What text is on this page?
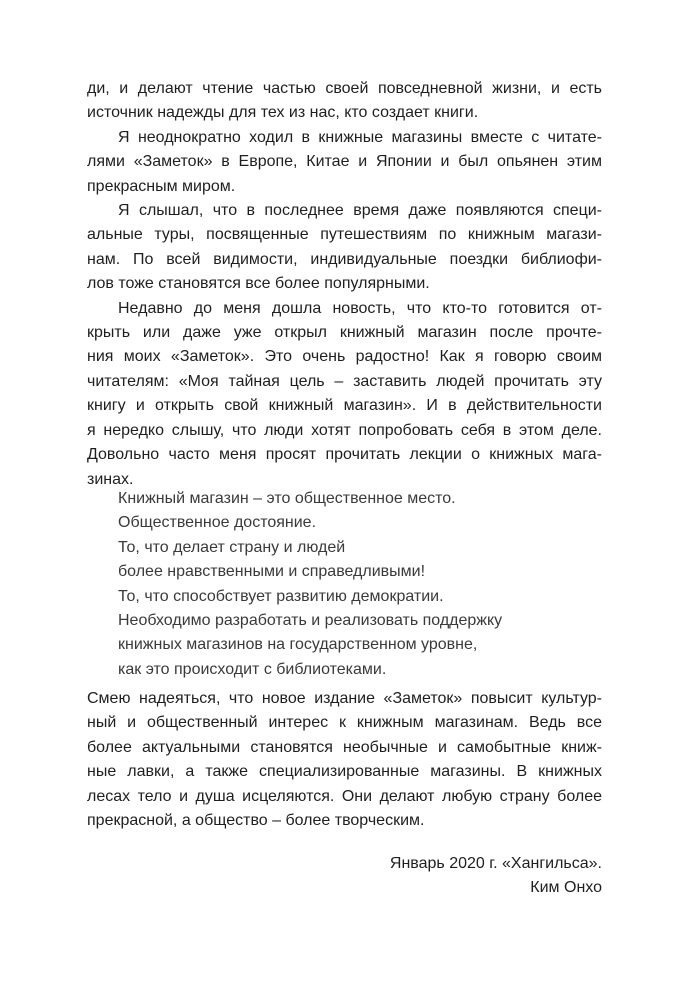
ди, и делают чтение частью своей повседневной жизни, и есть
источник надежды для тех из нас, кто создает книги.
Я неоднократно ходил в книжные магазины вместе с читате-
лями «Заметок» в Европе, Китае и Японии и был опьянен этим
прекрасным миром.
Я слышал, что в последнее время даже появляются специ-
альные туры, посвященные путешествиям по книжным магази-
нам. По всей видимости, индивидуальные поездки библиофи-
лов тоже становятся все более популярными.
Недавно до меня дошла новость, что кто-то готовится от-
крыть или даже уже открыл книжный магазин после прочте-
ния моих «Заметок». Это очень радостно! Как я говорю своим
читателям: «Моя тайная цель – заставить людей прочитать эту
книгу и открыть свой книжный магазин». И в действительности
я нередко слышу, что люди хотят попробовать себя в этом деле.
Довольно часто меня просят прочитать лекции о книжных мага-
зинах.
Книжный магазин – это общественное место.
Общественное достояние.
То, что делает страну и людей
более нравственными и справедливыми!
То, что способствует развитию демократии.
Необходимо разработать и реализовать поддержку
книжных магазинов на государственном уровне,
как это происходит с библиотеками.
Смею надеяться, что новое издание «Заметок» повысит культур-
ный и общественный интерес к книжным магазинам. Ведь все
более актуальными становятся необычные и самобытные книж-
ные лавки, а также специализированные магазины. В книжных
лесах тело и душа исцеляются. Они делают любую страну более
прекрасной, а общество – более творческим.
Январь 2020 г. «Хангильса».
Ким Онхо
